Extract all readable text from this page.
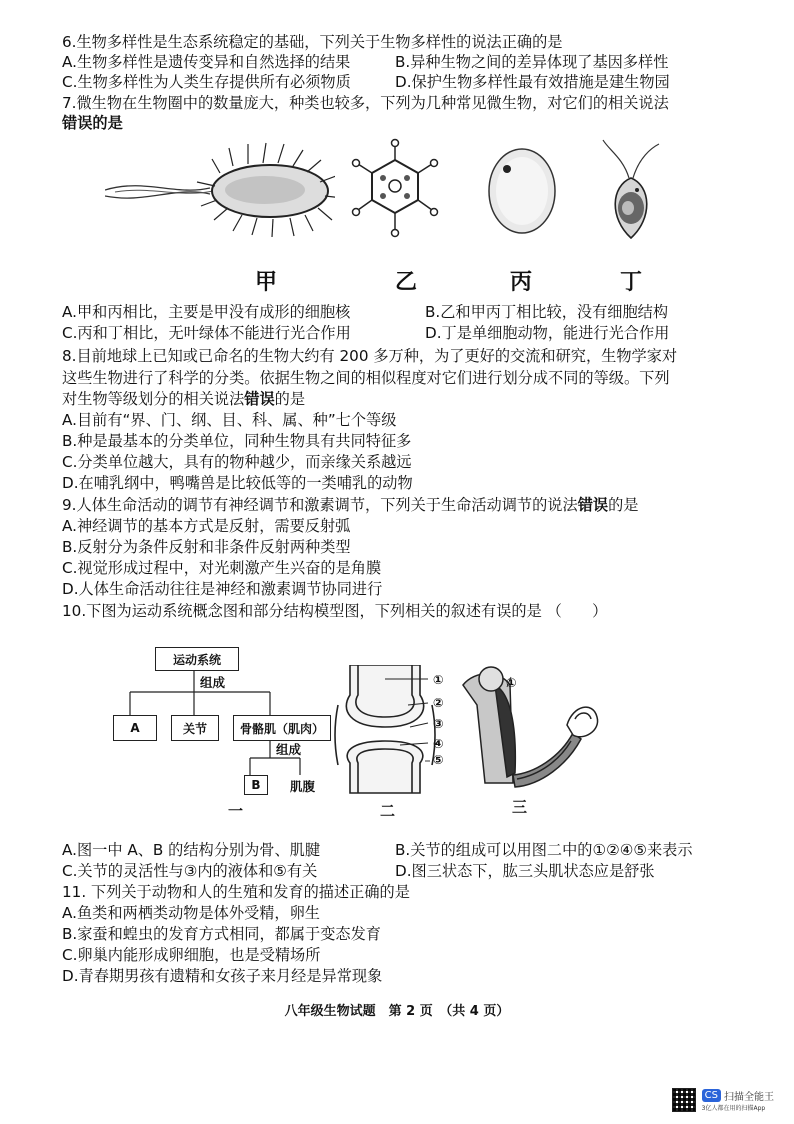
6.生物多样性是生态系统稳定的基础，下列关于生物多样性的说法正确的是
A.生物多样性是遗传变异和自然选择的结果	B.异种生物之间的差异体现了基因多样性
C.生物多样性为人类生存提供所有必须物质	D.保护生物多样性最有效措施是建生物园
7.微生物在生物圈中的数量庞大，种类也较多，下列为几种常见微生物，对它们的相关说法
错误的是
甲	乙	丙	丁
A.甲和丙相比，主要是甲没有成形的细胞核	B.乙和甲丙丁相比较，没有细胞结构
C.丙和丁相比，无叶绿体不能进行光合作用	D.丁是单细胞动物，能进行光合作用
8.目前地球上已知或已命名的生物大约有 200 多万种，为了更好的交流和研究，生物学家对
这些生物进行了科学的分类。依据生物之间的相似程度对它们进行划分成不同的等级。下列
对生物等级划分的相关说法错误的是
A.目前有“界、门、纲、目、科、属、种”七个等级
B.种是最基本的分类单位，同种生物具有共同特征多
C.分类单位越大，具有的物种越少，而亲缘关系越远
D.在哺乳纲中，鸭嘴兽是比较低等的一类哺乳的动物
9.人体生命活动的调节有神经调节和激素调节，下列关于生命活动调节的说法错误的是
A.神经调节的基本方式是反射，需要反射弧
B.反射分为条件反射和非条件反射两种类型
C.视觉形成过程中，对光刺激产生兴奋的是角膜
D.人体生命活动往往是神经和激素调节协同进行
10.下图为运动系统概念图和部分结构模型图，下列相关的叙述有误的是 （　　）
运动系统
组成
A	关节	骨骼肌（肌肉）
组成
B	肌腹
①
②
③
④
⑤
①
一	二	三
A.图一中 A、B 的结构分别为骨、肌腱	B.关节的组成可以用图二中的①②④⑤来表示
C.关节的灵活性与③内的液体和⑤有关	D.图三状态下，肱三头肌状态应是舒张
11. 下列关于动物和人的生殖和发育的描述正确的是
A.鱼类和两栖类动物是体外受精，卵生
B.家蚕和蝗虫的发育方式相同，都属于变态发育
C.卵巢内能形成卵细胞，也是受精场所
D.青春期男孩有遗精和女孩子来月经是异常现象
八年级生物试题　第 2 页　（共 4 页）
CS 扫描全能王
3亿人都在用的扫描App
